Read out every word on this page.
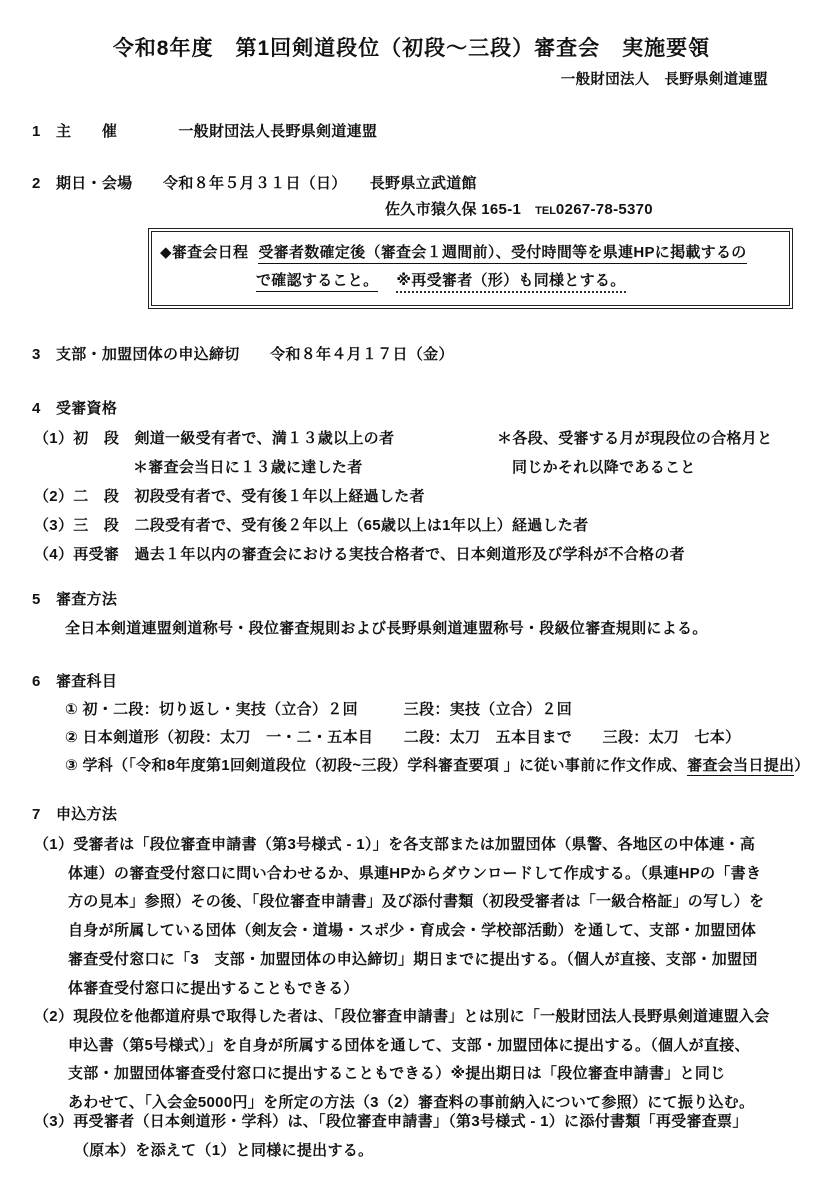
令和8年度　第1回剣道段位（初段～三段）審査会　実施要領
一般財団法人　長野県剣道連盟
1　主　　催　　　　一般財団法人長野県剣道連盟
2　期日・会場　　令和８年５月３１日（日）　　長野県立武道館
佐久市猿久保 165-1 TEL0267-78-5370
◆審査会日程 受審者数確定後（審査会１週間前）、受付時間等を県連HPに掲載するの
で確認すること。 ※再受審者（形）も同様とする。
3　支部・加盟団体の申込締切　　令和８年４月１７日（金）
4　受審資格
（1）初　段　剣道一級受有者で、満１３歳以上の者	＊各段、受審する月が現段位の合格月と
＊審査会当日に１３歳に達した者	同じかそれ以降であること
（2）二　段　初段受有者で、受有後１年以上経過した者
（3）三　段　二段受有者で、受有後２年以上（65歳以上は1年以上）経過した者
（4）再受審　過去１年以内の審査会における実技合格者で、日本剣道形及び学科が不合格の者
5　審査方法
全日本剣道連盟剣道称号・段位審査規則および長野県剣道連盟称号・段級位審査規則による。
6　審査科目
① 初・二段：切り返し・実技（立合）２回　　　三段：実技（立合）２回
② 日本剣道形（初段：太刀　一・二・五本目　　二段：太刀　五本目まで　　三段：太刀　七本）
③ 学科（「令和8年度第1回剣道段位（初段~三段）学科審査要項 」に従い事前に作文作成、審査会当日提出）
7　申込方法
（1）受審者は「段位審査申請書（第3号様式 - 1）」を各支部または加盟団体（県警、各地区の中体連・高
体連）の審査受付窓口に問い合わせるか、県連HPからダウンロードして作成する。（県連HPの「書き
方の見本」参照）その後、「段位審査申請書」及び添付書類（初段受審者は「一級合格証」の写し）を
自身が所属している団体（剣友会・道場・スポ少・育成会・学校部活動）を通して、支部・加盟団体
審査受付窓口に「3　支部・加盟団体の申込締切」期日までに提出する。（個人が直接、支部・加盟団
体審査受付窓口に提出することもできる）
（2）現段位を他都道府県で取得した者は、「段位審査申請書」とは別に「一般財団法人長野県剣道連盟入会
申込書（第5号様式）」を自身が所属する団体を通して、支部・加盟団体に提出する。（個人が直接、
支部・加盟団体審査受付窓口に提出することもできる）※提出期日は「段位審査申請書」と同じ
あわせて、「入会金5000円」を所定の方法（3（2）審査料の事前納入について参照）にて振り込む。
（3）再受審者（日本剣道形・学科）は、「段位審査申請書」（第3号様式 - 1）に添付書類「再受審査票」
（原本）を添えて（1）と同様に提出する。
